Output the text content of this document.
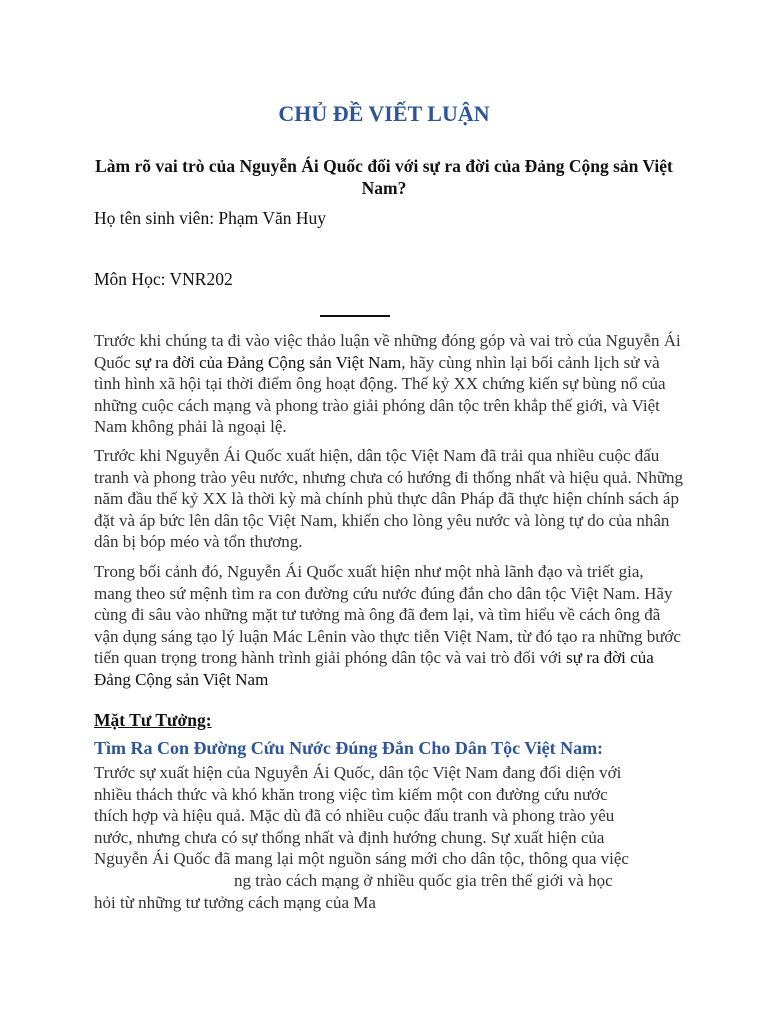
CHỦ ĐỀ VIẾT LUẬN

Làm rõ vai trò của Nguyễn Ái Quốc đối với sự ra đời của Đảng Cộng sản Việt Nam?

Họ tên sinh viên: Phạm Văn Huy

Môn Học: VNR202

Trước khi chúng ta đi vào việc thảo luận về những đóng góp và vai trò của Nguyễn Ái Quốc sự ra đời của Đảng Cộng sản Việt Nam, hãy cùng nhìn lại bối cảnh lịch sử và tình hình xã hội tại thời điểm ông hoạt động. Thế kỷ XX chứng kiến sự bùng nổ của những cuộc cách mạng và phong trào giải phóng dân tộc trên khắp thế giới, và Việt Nam không phải là ngoại lệ.

Trước khi Nguyễn Ái Quốc xuất hiện, dân tộc Việt Nam đã trải qua nhiều cuộc đấu tranh và phong trào yêu nước, nhưng chưa có hướng đi thống nhất và hiệu quả. Những năm đầu thế kỷ XX là thời kỳ mà chính phủ thực dân Pháp đã thực hiện chính sách áp đặt và áp bức lên dân tộc Việt Nam, khiến cho lòng yêu nước và lòng tự do của nhân dân bị bóp méo và tổn thương.

Trong bối cảnh đó, Nguyễn Ái Quốc xuất hiện như một nhà lãnh đạo và triết gia, mang theo sứ mệnh tìm ra con đường cứu nước đúng đắn cho dân tộc Việt Nam. Hãy cùng đi sâu vào những mặt tư tưởng mà ông đã đem lại, và tìm hiểu về cách ông đã vận dụng sáng tạo lý luận Mác Lênin vào thực tiễn Việt Nam, từ đó tạo ra những bước tiến quan trọng trong hành trình giải phóng dân tộc và vai trò đối với sự ra đời của Đảng Cộng sản Việt Nam

Mặt Tư Tưởng:
Tìm Ra Con Đường Cứu Nước Đúng Đắn Cho Dân Tộc Việt Nam:

Trước sự xuất hiện của Nguyễn Ái Quốc, dân tộc Việt Nam đang đối diện với
nhiều thách thức và khó khăn trong việc tìm kiếm một con đường cứu nước
thích hợp và hiệu quả. Mặc dù đã có nhiều cuộc đấu tranh và phong trào yêu
nước, nhưng chưa có sự thống nhất và định hướng chung. Sự xuất hiện của
Nguyễn Ái Quốc đã mang lại một nguồn sáng mới cho dân tộc, thông qua việc
ng trào cách mạng ở nhiều quốc gia trên thế giới và học
hỏi từ những tư tưởng cách mạng của Ma
